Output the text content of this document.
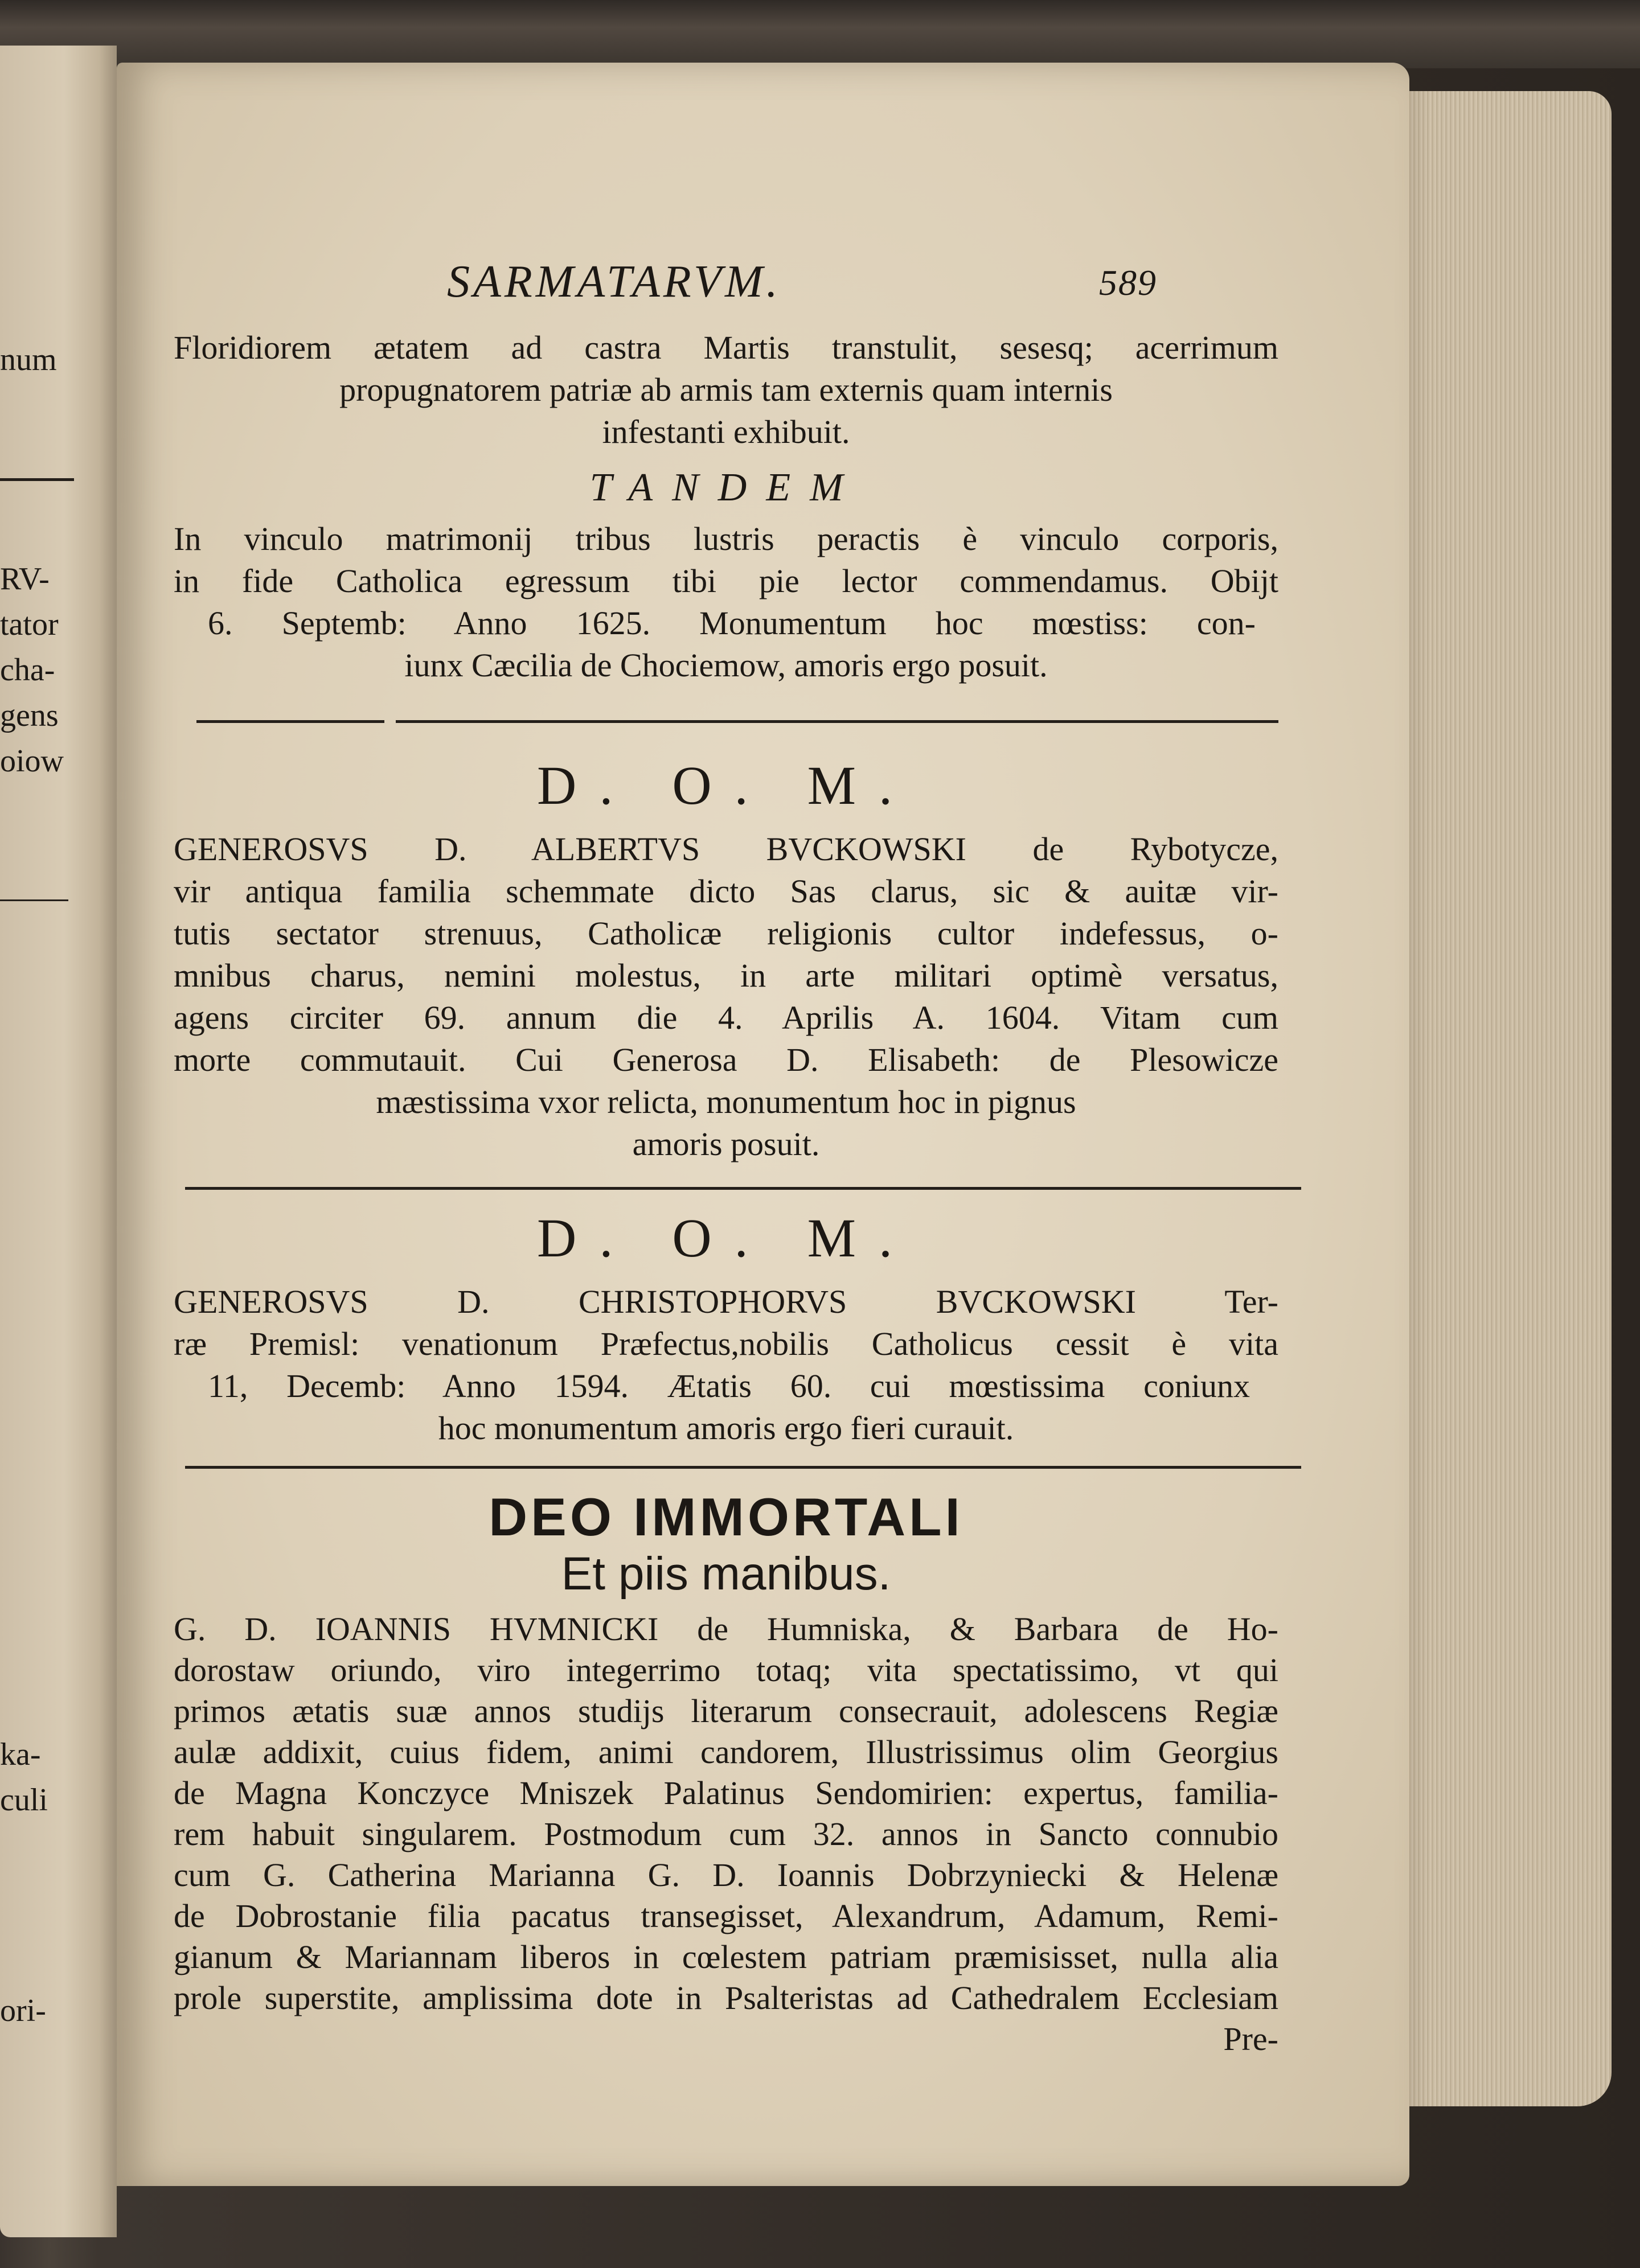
num

RV-

tator

cha-

gens

oiow

ka-

culi

ori-

SARMATARVM.	589

Floridiorem ætatem ad castra Martis transtulit, sesesq; acerrimum

propugnatorem patriæ ab armis tam externis quam internis

infestanti exhibuit.

TANDEM

In vinculo matrimonij tribus lustris peractis è vinculo corporis,

in fide Catholica egressum tibi pie lector commendamus. Obijt

6. Septemb: Anno 1625. Monumentum hoc mœstiss: con-

iunx Cæcilia de Chociemow, amoris ergo posuit.

D. O. M.

GENEROSVS D. ALBERTVS BVCKOWSKI de Rybotycze,

vir antiqua familia schemmate dicto Sas clarus, sic & auitæ vir-

tutis sectator strenuus, Catholicæ religionis cultor indefessus, o-

mnibus charus, nemini molestus, in arte militari optimè versatus,

agens circiter 69. annum die 4. Aprilis A. 1604. Vitam cum

morte commutauit. Cui Generosa D. Elisabeth: de Plesowicze

mæstissima vxor relicta, monumentum hoc in pignus

amoris posuit.

D. O. M.

GENEROSVS D. CHRISTOPHORVS BVCKOWSKI Ter-

ræ Premisl: venationum Præfectus,nobilis Catholicus cessit è vita

11, Decemb: Anno 1594. Ætatis 60. cui mœstissima coniunx

hoc monumentum amoris ergo fieri curauit.

DEO IMMORTALI

Et piis manibus.

G. D. IOANNIS HVMNICKI de Humniska, & Barbara de Ho-

dorostaw oriundo, viro integerrimo totaq; vita spectatissimo, vt qui

primos ætatis suæ annos studijs literarum consecrauit, adolescens Regiæ

aulæ addixit, cuius fidem, animi candorem, Illustrissimus olim Georgius

de Magna Konczyce Mniszek Palatinus Sendomirien: expertus, familia-

rem habuit singularem. Postmodum cum 32. annos in Sancto connubio

cum G. Catherina Marianna G. D. Ioannis Dobrzyniecki & Helenæ

de Dobrostanie filia pacatus transegisset, Alexandrum, Adamum, Remi-

gianum & Mariannam liberos in cœlestem patriam præmisisset, nulla alia

prole superstite, amplissima dote in Psalteristas ad Cathedralem Ecclesiam

Pre-
